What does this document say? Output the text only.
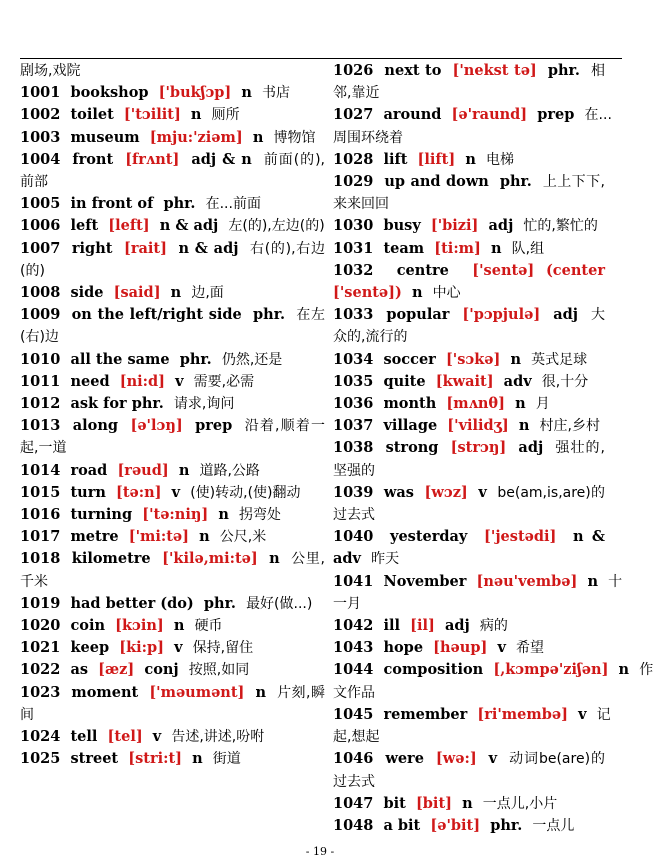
剧场,戏院
1001 bookshop ['bukʃɔp] n 书店
1002 toilet ['tɔilit] n 厕所
1003 museum [mju:'ziəm] n 博物馆
1004 front [frʌnt] adj & n 前面(的),前部
1005 in front of phr. 在...前面
1006 left [left] n & adj 左(的),左边(的)
1007 right [rait] n & adj 右(的),右边(的)
1008 side [said] n 边,面
1009 on the left/right side phr. 在左(右)边
1010 all the same phr. 仍然,还是
1011 need [ni:d] v 需要,必需
1012 ask for phr. 请求,询问
1013 along [ə'lɔŋ] prep 沿着,顺着一起,一道
1014 road [rəud] n 道路,公路
1015 turn [tə:n] v (使)转动,(使)翻动
1016 turning ['tə:niŋ] n 拐弯处
1017 metre ['mi:tə] n 公尺,米
1018 kilometre ['kilə,mi:tə] n 公里,千米
1019 had better (do) phr. 最好(做...)
1020 coin [kɔin] n 硬币
1021 keep [ki:p] v 保持,留住
1022 as [æz] conj 按照,如同
1023 moment ['məumənt] n 片刻,瞬间
1024 tell [tel] v 告述,讲述,吩咐
1025 street [stri:t] n 街道
1026 next to ['nekst tə] phr. 相邻,靠近
1027 around [ə'raund] prep 在...周围环绕着
1028 lift [lift] n 电梯
1029 up and down phr. 上上下下,来来回回
1030 busy ['bizi] adj 忙的,繁忙的
1031 team [ti:m] n 队,组
1032 centre ['sentə] (center ['sentə]) n 中心
1033 popular ['pɔpjulə] adj 大众的,流行的
1034 soccer ['sɔkə] n 英式足球
1035 quite [kwait] adv 很,十分
1036 month [mʌnθ] n 月
1037 village ['vilidʒ] n 村庄,乡村
1038 strong [strɔŋ] adj 强壮的,坚强的
1039 was [wɔz] v be(am,is,are)的过去式
1040 yesterday ['jestədi] n & adv 昨天
1041 November [nəu'vembə] n 十一月
1042 ill [il] adj 病的
1043 hope [həup] v 希望
1044 composition [,kɔmpə'ziʃən] n 作文作品
1045 remember [ri'membə] v 记起,想起
1046 were [wə:] v 动词be(are)的过去式
1047 bit [bit] n 一点儿,小片
1048 a bit [ə'bit] phr. 一点儿
- 19 -
